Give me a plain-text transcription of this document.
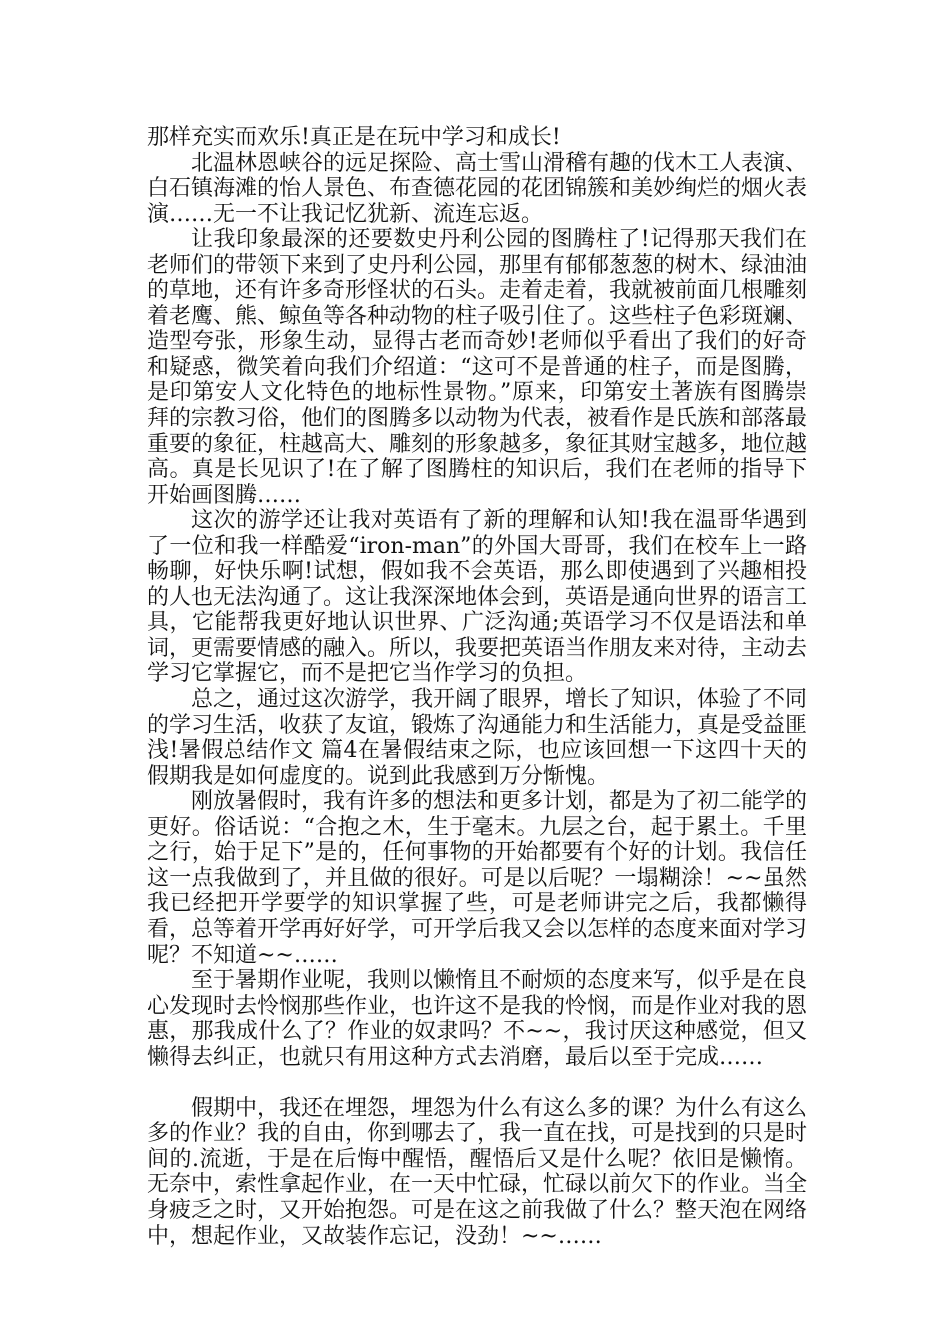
那样充实而欢乐!真正是在玩中学习和成长!

北温林恩峡谷的远足探险、高士雪山滑稽有趣的伐木工人表演、白石镇海滩的怡人景色、布查德花园的花团锦簇和美妙绚烂的烟火表演……无一不让我记忆犹新、流连忘返。

让我印象最深的还要数史丹利公园的图腾柱了!记得那天我们在老师们的带领下来到了史丹利公园，那里有郁郁葱葱的树木、绿油油的草地，还有许多奇形怪状的石头。走着走着，我就被前面几根雕刻着老鹰、熊、鲸鱼等各种动物的柱子吸引住了。这些柱子色彩斑斓、造型夸张，形象生动，显得古老而奇妙!老师似乎看出了我们的好奇和疑惑，微笑着向我们介绍道：“这可不是普通的柱子，而是图腾，是印第安人文化特色的地标性景物。”原来，印第安土著族有图腾崇拜的宗教习俗，他们的图腾多以动物为代表，被看作是氏族和部落最重要的象征，柱越高大、雕刻的形象越多，象征其财宝越多，地位越高。真是长见识了!在了解了图腾柱的知识后，我们在老师的指导下开始画图腾……

这次的游学还让我对英语有了新的理解和认知!我在温哥华遇到了一位和我一样酷爱“iron-man”的外国大哥哥，我们在校车上一路畅聊，好快乐啊!试想，假如我不会英语，那么即使遇到了兴趣相投的人也无法沟通了。这让我深深地体会到，英语是通向世界的语言工具，它能帮我更好地认识世界、广泛沟通;英语学习不仅是语法和单词，更需要情感的融入。所以，我要把英语当作朋友来对待，主动去学习它掌握它，而不是把它当作学习的负担。

总之，通过这次游学，我开阔了眼界，增长了知识，体验了不同的学习生活，收获了友谊，锻炼了沟通能力和生活能力，真是受益匪浅!暑假总结作文 篇4在暑假结束之际，也应该回想一下这四十天的假期我是如何虚度的。说到此我感到万分惭愧。

刚放暑假时，我有许多的想法和更多计划，都是为了初二能学的更好。俗话说：“合抱之木，生于毫末。九层之台，起于累土。千里之行，始于足下”是的，任何事物的开始都要有个好的计划。我信任这一点我做到了，并且做的很好。可是以后呢？一塌糊涂！~~虽然我已经把开学要学的知识掌握了些，可是老师讲完之后，我都懒得看，总等着开学再好好学，可开学后我又会以怎样的态度来面对学习呢？不知道~~……

至于暑期作业呢，我则以懒惰且不耐烦的态度来写，似乎是在良心发现时去怜悯那些作业，也许这不是我的怜悯，而是作业对我的恩惠，那我成什么了？作业的奴隶吗？不~~，我讨厌这种感觉，但又懒得去纠正，也就只有用这种方式去消磨，最后以至于完成……

假期中，我还在埋怨，埋怨为什么有这么多的课？为什么有这么多的作业？我的自由，你到哪去了，我一直在找，可是找到的只是时间的.流逝，于是在后悔中醒悟，醒悟后又是什么呢？依旧是懒惰。无奈中，索性拿起作业，在一天中忙碌，忙碌以前欠下的作业。当全身疲乏之时，又开始抱怨。可是在这之前我做了什么？整天泡在网络中，想起作业，又故装作忘记，没劲！~~……
